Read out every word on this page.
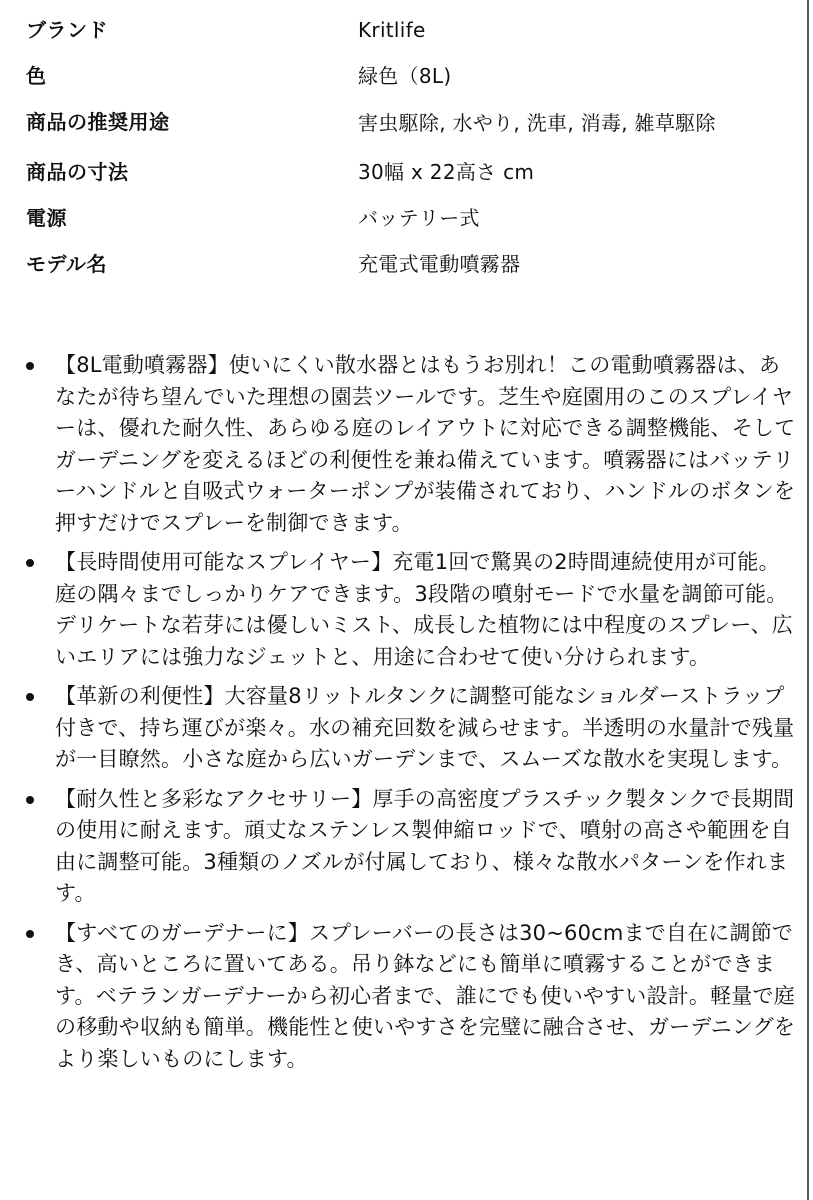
ブランド	Kritlife
色	緑色（8L)
商品の推奨用途	害虫駆除, 水やり, 洗車, 消毒, 雑草駆除
商品の寸法	30幅 x 22高さ cm
電源	バッテリー式
モデル名	充電式電動噴霧器
【8L電動噴霧器】使いにくい散水器とはもうお別れ！この電動噴霧器は、あなたが待ち望んでいた理想の園芸ツールです。芝生や庭園用のこのスプレイヤーは、優れた耐久性、あらゆる庭のレイアウトに対応できる調整機能、そしてガーデニングを変えるほどの利便性を兼ね備えています。噴霧器にはバッテリーハンドルと自吸式ウォーターポンプが装備されており、ハンドルのボタンを押すだけでスプレーを制御できます。
【長時間使用可能なスプレイヤー】充電1回で驚異の2時間連続使用が可能。庭の隅々までしっかりケアできます。3段階の噴射モードで水量を調節可能。デリケートな若芽には優しいミスト、成長した植物には中程度のスプレー、広いエリアには強力なジェットと、用途に合わせて使い分けられます。
【革新の利便性】大容量8リットルタンクに調整可能なショルダーストラップ付きで、持ち運びが楽々。水の補充回数を減らせます。半透明の水量計で残量が一目瞭然。小さな庭から広いガーデンまで、スムーズな散水を実現します。
【耐久性と多彩なアクセサリー】厚手の高密度プラスチック製タンクで長期間の使用に耐えます。頑丈なステンレス製伸縮ロッドで、噴射の高さや範囲を自由に調整可能。3種類のノズルが付属しており、様々な散水パターンを作れます。
【すべてのガーデナーに】スプレーバーの長さは30~60cmまで自在に調節でき、高いところに置いてある。吊り鉢などにも簡単に噴霧することができます。ベテランガーデナーから初心者まで、誰にでも使いやすい設計。軽量で庭の移動や収納も簡単。機能性と使いやすさを完璧に融合させ、ガーデニングをより楽しいものにします。
